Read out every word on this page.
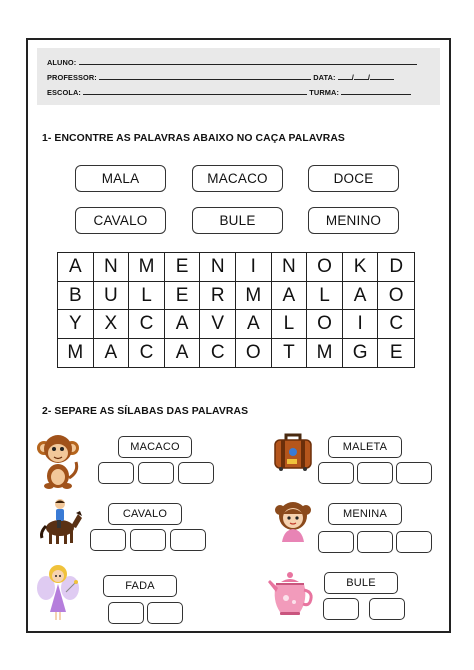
ALUNO:
PROFESSOR:	DATA: / /
ESCOLA:	TURMA:
1- ENCONTRE AS PALAVRAS ABAIXO NO CAÇA PALAVRAS
MALA	MACACO	DOCE
CAVALO	BULE	MENINO
A	N	M	E	N	I	N	O	K	D
B	U	L	E	R	M	A	L	A	O
Y	X	C	A	V	A	L	O	I	C
M	A	C	A	C	O	T	M	G	E
2- SEPARE AS SÍLABAS DAS PALAVRAS
MACACO	MALETA
CAVALO	MENINA
FADA	BULE
